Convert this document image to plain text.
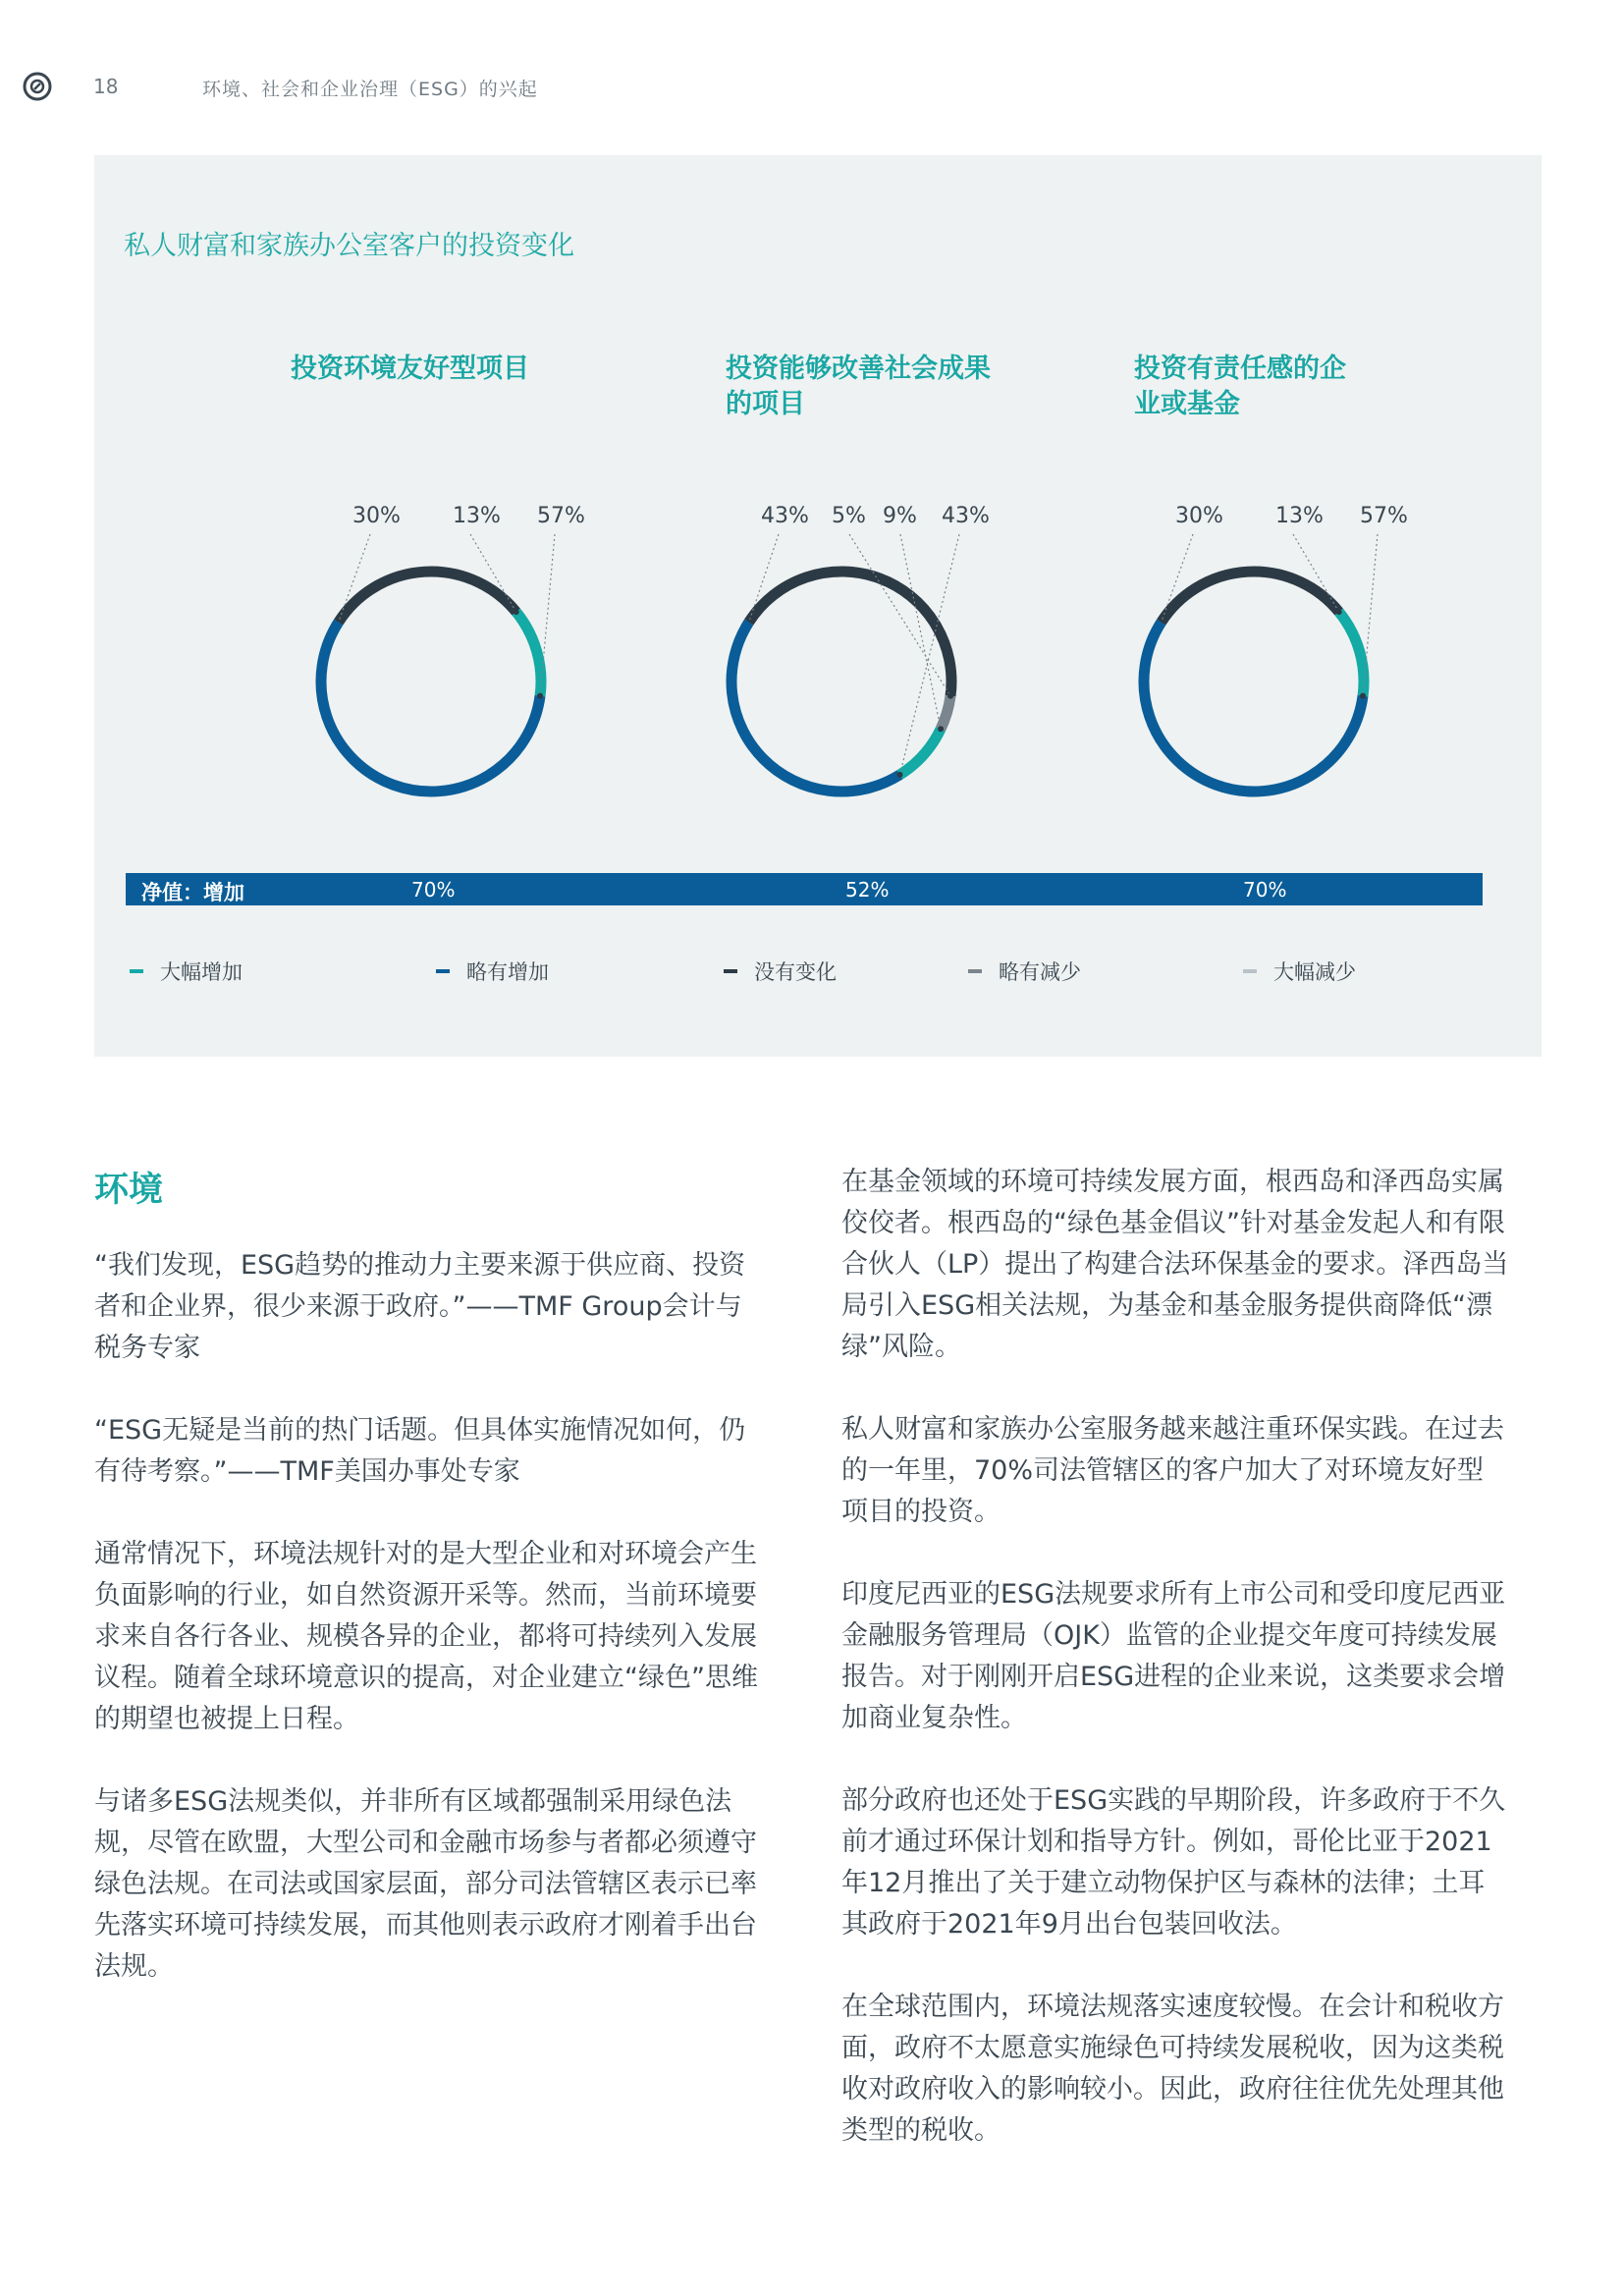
18	环境、社会和企业治理（ESG）的兴起
私人财富和家族办公室客户的投资变化
投资环境友好型项目	投资能够改善社会成果的项目
投资有责任感的企业或基金
30% 13% 57%	43% 5% 9% 43%	30% 13% 57%
净值：增加	70%	52%	70%
大幅增加	略有增加	没有变化	略有减少	大幅减少
环境

“我们发现，ESG趋势的推动力主要来源于供应商、投资者和企业界，很少来源于政府。”——TMF Group会计与税务专家

“ESG无疑是当前的热门话题。但具体实施情况如何，仍有待考察。”——TMF美国办事处专家

通常情况下，环境法规针对的是大型企业和对环境会产生负面影响的行业，如自然资源开采等。然而，当前环境要求来自各行各业、规模各异的企业，都将可持续列入发展议程。随着全球环境意识的提高，对企业建立“绿色”思维的期望也被提上日程。

与诸多ESG法规类似，并非所有区域都强制采用绿色法规，尽管在欧盟，大型公司和金融市场参与者都必须遵守绿色法规。在司法或国家层面，部分司法管辖区表示已率先落实环境可持续发展，而其他则表示政府才刚着手出台法规。

在基金领域的环境可持续发展方面，根西岛和泽西岛实属佼佼者。根西岛的“绿色基金倡议”针对基金发起人和有限合伙人（LP）提出了构建合法环保基金的要求。泽西岛当局引入ESG相关法规，为基金和基金服务提供商降低“漂绿”风险。

私人财富和家族办公室服务越来越注重环保实践。在过去的一年里，70%司法管辖区的客户加大了对环境友好型项目的投资。

印度尼西亚的ESG法规要求所有上市公司和受印度尼西亚金融服务管理局（OJK）监管的企业提交年度可持续发展报告。对于刚刚开启ESG进程的企业来说，这类要求会增加商业复杂性。

部分政府也还处于ESG实践的早期阶段，许多政府于不久前才通过环保计划和指导方针。例如，哥伦比亚于2021年12月推出了关于建立动物保护区与森林的法律；土耳其政府于2021年9月出台包装回收法。

在全球范围内，环境法规落实速度较慢。在会计和税收方面，政府不太愿意实施绿色可持续发展税收，因为这类税收对政府收入的影响较小。因此，政府往往优先处理其他类型的税收。
